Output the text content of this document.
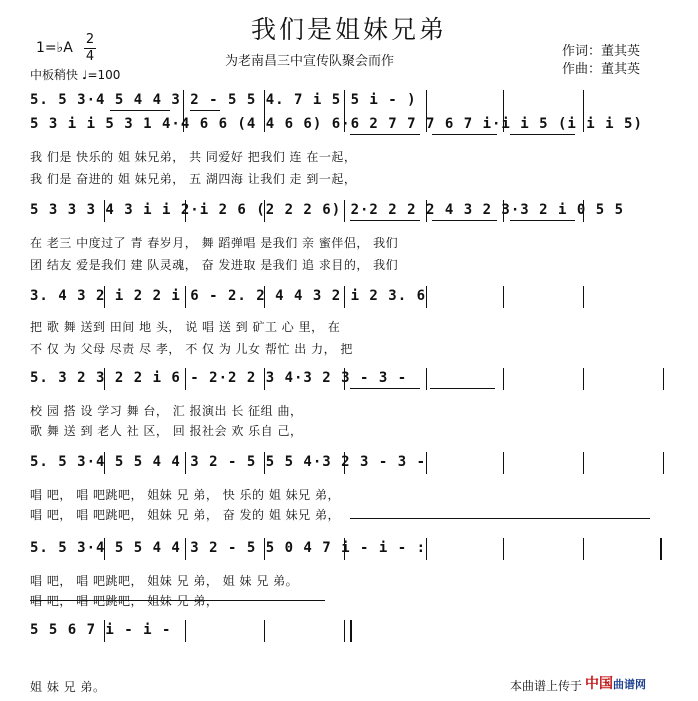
我们是姐妹兄弟
1=♭A
2
4
中板稍快 ♩=100
为老南昌三中宣传队聚会而作
作词：董其英
作曲：董其英
5. 5 3·4 5 4 4 3 2 - 5 5 4. 7 i 5 5 i - )
5 3 i i 5 3 1 4·4 6 6 (4 4 6 6) 6·6 2 7 7 7 6 7 i·i i 5 (i i i 5)
我 们是 快乐的 姐 妹兄弟， 共 同爱好 把我们 连 在一起，
我 们是 奋进的 姐 妹兄弟， 五 湖四海 让我们 走 到一起，
5 3 3 3 4 3 i i 2·i 2 6 (2 2 2 6) 2·2 2 2 2 4 3 2 3·3 2 i 0 5 5
在 老三 中度过了 青 春岁月， 舞 蹈弹唱 是我们 亲 蜜伴侣， 我们
团 结友 爱是我们 建 队灵魂， 奋 发进取 是我们 追 求目的， 我们
3. 4 3 2 i 2 2 i 6 - 2. 2 4 4 3 2 i 2 3. 6
把 歌 舞 送到 田间 地 头， 说 唱 送 到 矿工 心 里， 在
不 仅 为 父母 尽责 尽 孝， 不 仅 为 儿女 帮忙 出 力， 把
5. 3 2 3 2 2 i 6 - 2·2 2 3 4·3 2 3 - 3 -
校 园 搭 设 学习 舞 台， 汇 报演出 长 征组 曲，
歌 舞 送 到 老人 社 区， 回 报社会 欢 乐自 己，
5. 5 3·4 5 5 4 4 3 2 - 5 5 5 4·3 2 3 - 3 -
唱 吧， 唱 吧跳吧， 姐妹 兄 弟， 快 乐的 姐 妹兄 弟，
唱 吧， 唱 吧跳吧， 姐妹 兄 弟， 奋 发的 姐 妹兄 弟，
5. 5 3·4 5 5 4 4 3 2 - 5 5 0 4 7 i - i - :
唱 吧， 唱 吧跳吧， 姐妹 兄 弟， 姐 妹 兄 弟。
唱 吧， 唱 吧跳吧， 姐妹 兄 弟，
5 5 6 7 i - i -
姐 妹 兄 弟。	本曲谱上传于 中国曲谱网
